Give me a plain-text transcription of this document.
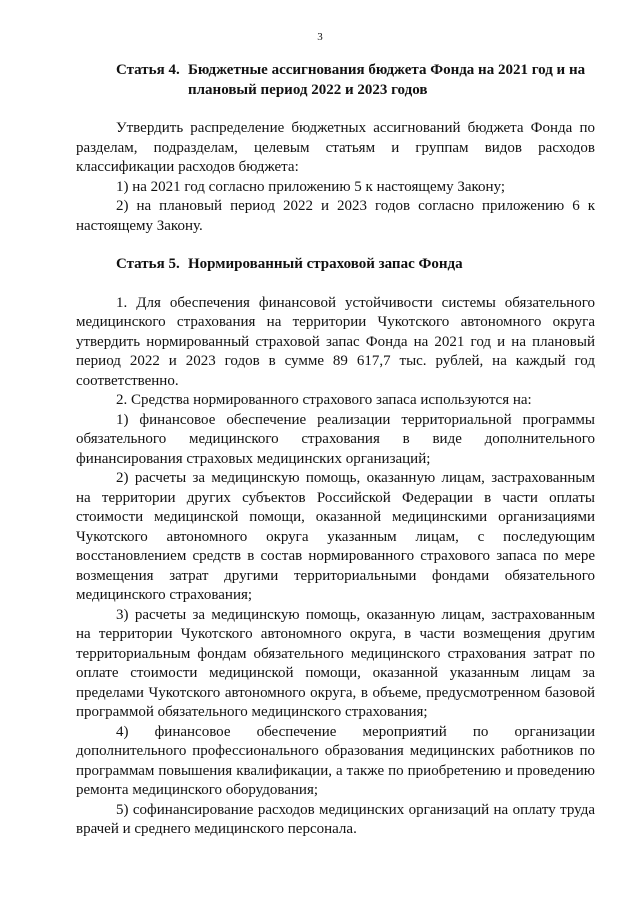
3
Статья 4. Бюджетные ассигнования бюджета Фонда на 2021 год и на плановый период 2022 и 2023 годов

Утвердить распределение бюджетных ассигнований бюджета Фонда по разделам, подразделам, целевым статьям и группам видов расходов классификации расходов бюджета:

1) на 2021 год согласно приложению 5 к настоящему Закону;

2) на плановый период 2022 и 2023 годов согласно приложению 6 к настоящему Закону.

Статья 5. Нормированный страховой запас Фонда

1. Для обеспечения финансовой устойчивости системы обязательного медицинского страхования на территории Чукотского автономного округа утвердить нормированный страховой запас Фонда на 2021 год и на плановый период 2022 и 2023 годов в сумме 89 617,7 тыс. рублей, на каждый год соответственно.

2. Средства нормированного страхового запаса используются на:

1) финансовое обеспечение реализации территориальной программы обязательного медицинского страхования в виде дополнительного финансирования страховых медицинских организаций;

2) расчеты за медицинскую помощь, оказанную лицам, застрахованным на территории других субъектов Российской Федерации в части оплаты стоимости медицинской помощи, оказанной медицинскими организациями Чукотского автономного округа указанным лицам, с последующим восстановлением средств в состав нормированного страхового запаса по мере возмещения затрат другими территориальными фондами обязательного медицинского страхования;

3) расчеты за медицинскую помощь, оказанную лицам, застрахованным на территории Чукотского автономного округа, в части возмещения другим территориальным фондам обязательного медицинского страхования затрат по оплате стоимости медицинской помощи, оказанной указанным лицам за пределами Чукотского автономного округа, в объеме, предусмотренном базовой программой обязательного медицинского страхования;

4) финансовое обеспечение мероприятий по организации дополнительного профессионального образования медицинских работников по программам повышения квалификации, а также по приобретению и проведению ремонта медицинского оборудования;

5) софинансирование расходов медицинских организаций на оплату труда врачей и среднего медицинского персонала.
